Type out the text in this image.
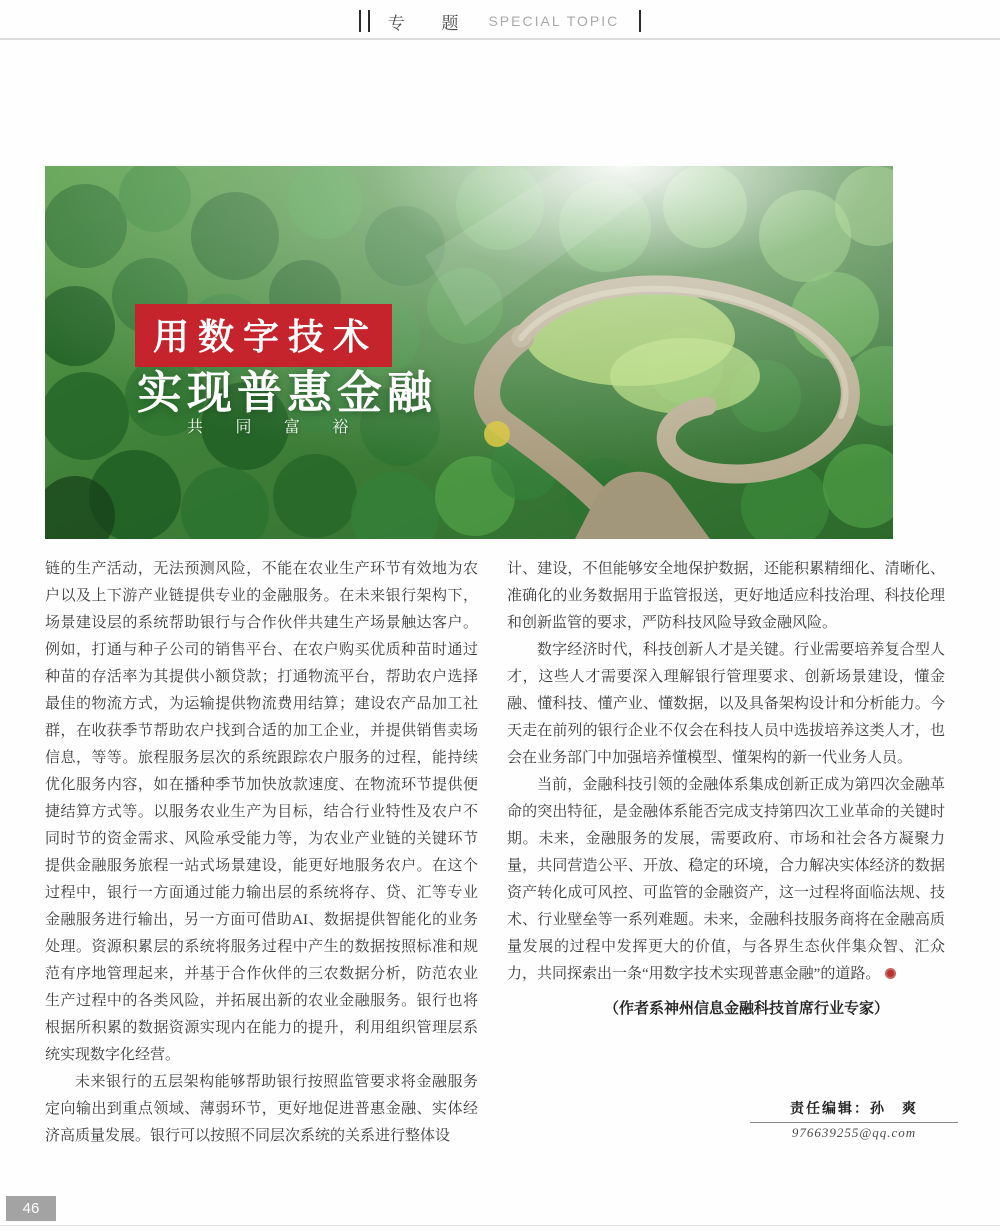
专 题 SPECIAL TOPIC
用数字技术
实现普惠金融
共 同 富 裕

链的生产活动，无法预测风险，不能在农业生产环节有效地为农户以及上下游产业链提供专业的金融服务。在未来银行架构下，场景建设层的系统帮助银行与合作伙伴共建生产场景触达客户。例如，打通与种子公司的销售平台、在农户购买优质种苗时通过种苗的存活率为其提供小额贷款；打通物流平台，帮助农户选择最佳的物流方式，为运输提供物流费用结算；建设农产品加工社群，在收获季节帮助农户找到合适的加工企业，并提供销售卖场信息，等等。旅程服务层次的系统跟踪农户服务的过程，能持续优化服务内容，如在播种季节加快放款速度、在物流环节提供便捷结算方式等。以服务农业生产为目标，结合行业特性及农户不同时节的资金需求、风险承受能力等，为农业产业链的关键环节提供金融服务旅程一站式场景建设，能更好地服务农户。在这个过程中，银行一方面通过能力输出层的系统将存、贷、汇等专业金融服务进行输出，另一方面可借助AI、数据提供智能化的业务处理。资源积累层的系统将服务过程中产生的数据按照标准和规范有序地管理起来，并基于合作伙伴的三农数据分析，防范农业生产过程中的各类风险，并拓展出新的农业金融服务。银行也将根据所积累的数据资源实现内在能力的提升，利用组织管理层系统实现数字化经营。

未来银行的五层架构能够帮助银行按照监管要求将金融服务定向输出到重点领域、薄弱环节，更好地促进普惠金融、实体经济高质量发展。银行可以按照不同层次系统的关系进行整体设

计、建设，不但能够安全地保护数据，还能积累精细化、清晰化、准确化的业务数据用于监管报送，更好地适应科技治理、科技伦理和创新监管的要求，严防科技风险导致金融风险。

数字经济时代，科技创新人才是关键。行业需要培养复合型人才，这些人才需要深入理解银行管理要求、创新场景建设，懂金融、懂科技、懂产业、懂数据，以及具备架构设计和分析能力。今天走在前列的银行企业不仅会在科技人员中选拔培养这类人才，也会在业务部门中加强培养懂模型、懂架构的新一代业务人员。

当前，金融科技引领的金融体系集成创新正成为第四次金融革命的突出特征，是金融体系能否完成支持第四次工业革命的关键时期。未来，金融服务的发展，需要政府、市场和社会各方凝聚力量，共同营造公平、开放、稳定的环境，合力解决实体经济的数据资产转化成可风控、可监管的金融资产，这一过程将面临法规、技术、行业壁垒等一系列难题。未来，金融科技服务商将在金融高质量发展的过程中发挥更大的价值，与各界生态伙伴集众智、汇众力，共同探索出一条“用数字技术实现普惠金融”的道路。

（作者系神州信息金融科技首席行业专家）

责任编辑：孙　爽
976639255@qq.com
46
